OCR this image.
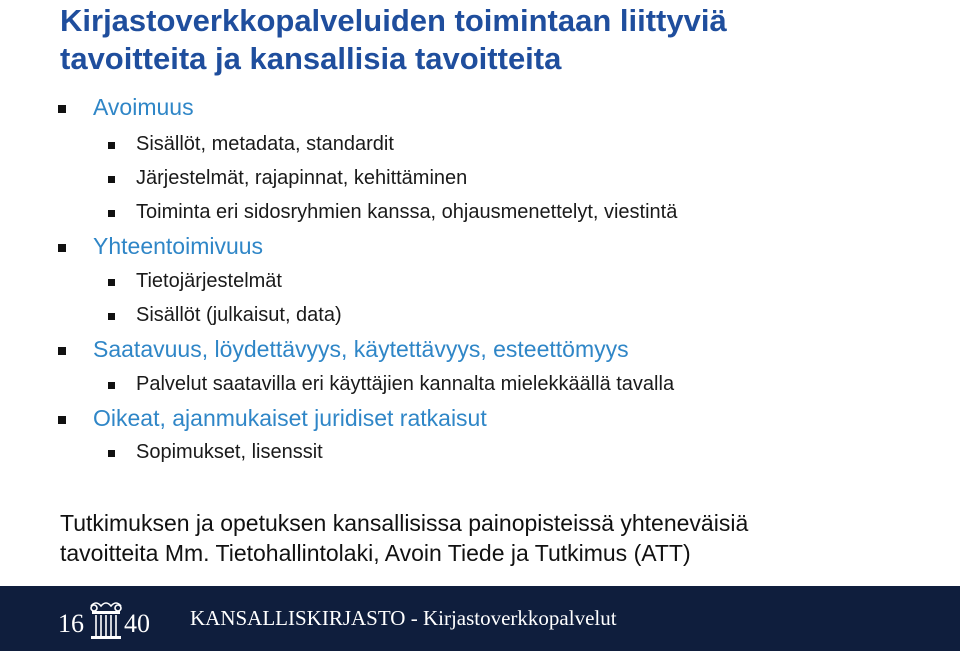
Kirjastoverkkopalveluiden toimintaan liittyviä
tavoitteita ja kansallisia tavoitteita
Avoimuus
Sisällöt, metadata, standardit
Järjestelmät, rajapinnat, kehittäminen
Toiminta eri sidosryhmien kanssa, ohjausmenettelyt, viestintä
Yhteentoimivuus
Tietojärjestelmät
Sisällöt (julkaisut, data)
Saatavuus, löydettävyys, käytettävyys, esteettömyys
Palvelut saatavilla eri käyttäjien kannalta mielekkäällä tavalla
Oikeat, ajanmukaiset juridiset ratkaisut
Sopimukset, lisenssit

Tutkimuksen ja opetuksen kansallisissa painopisteissä yhteneväisiä
tavoitteita Mm. Tietohallintolaki, Avoin Tiede ja Tutkimus (ATT)

16 40 KANSALLISKIRJASTO - Kirjastoverkkopalvelut
